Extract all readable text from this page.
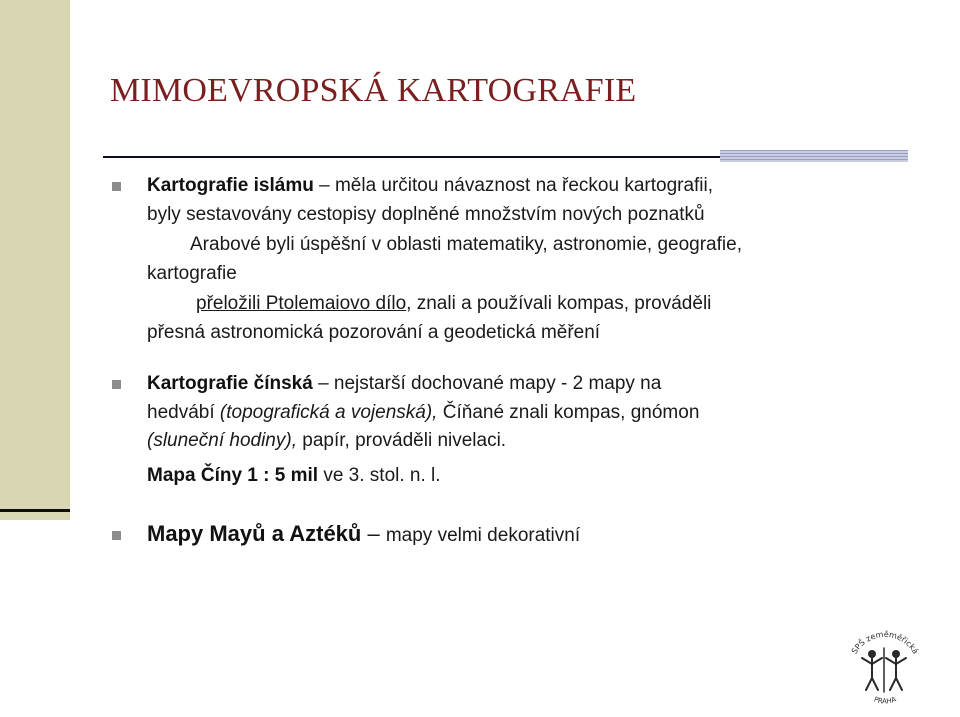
MIMOEVROPSKÁ KARTOGRAFIE
Kartografie islámu – měla určitou návaznost na řeckou kartografii,
byly sestavovány cestopisy doplněné množstvím nových poznatků
Arabové byli úspěšní v oblasti matematiky, astronomie, geografie,
kartografie
přeložili Ptolemaiovo dílo, znali a používali kompas, prováděli
přesná astronomická pozorování a geodetická měření
Kartografie čínská – nejstarší dochované mapy - 2 mapy na
hedvábí (topografická a vojenská), Číňané znali kompas, gnómon
(sluneční hodiny), papír, prováděli nivelaci.
Mapa Číny 1 : 5 mil ve 3. stol. n. l.
Mapy Mayů a Aztéků – mapy velmi dekorativní
SPŠ zeměměřická
PRAHA
